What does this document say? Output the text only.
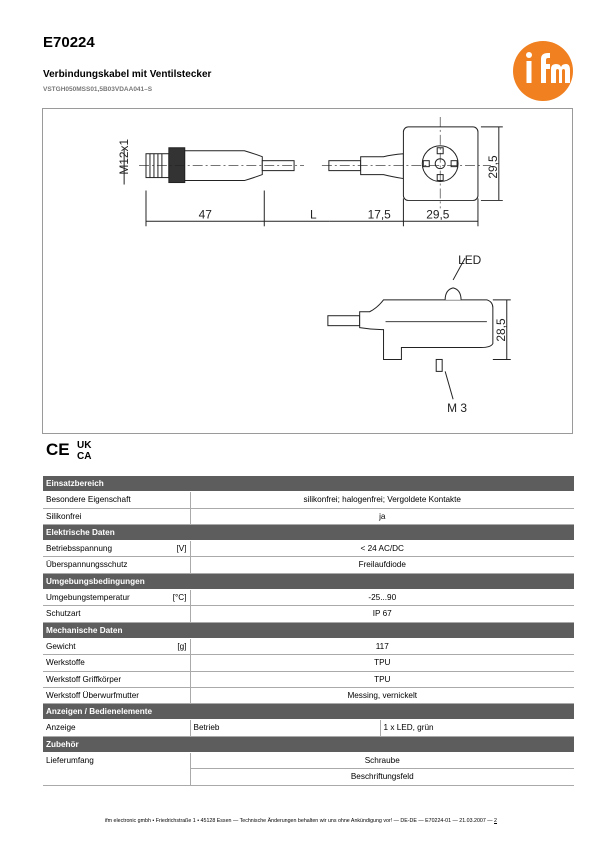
E70224
Verbindungskabel mit Ventilstecker
VSTGH050MSS01,5B03VDAA041–S
M12x1
47	L	17,5	29,5
29,5
LED
28,5
M 3
CE UK
CA
Einsatzbereich			
Besondere Eigenschaft		silikonfrei; halogenfrei; Vergoldete Kontakte	
Silikonfrei		ja	
Elektrische Daten			
Betriebsspannung	[V]	< 24 AC/DC	
Überspannungsschutz		Freilaufdiode	
Umgebungsbedingungen			
Umgebungstemperatur	[°C]	-25...90	
Schutzart		IP 67	
Mechanische Daten			
Gewicht	[g]	117	
Werkstoffe		TPU	
Werkstoff Griffkörper		TPU	
Werkstoff Überwurfmutter		Messing, vernickelt	
Anzeigen / Bedienelemente			
Anzeige		Betrieb	1 x LED, grün
Zubehör			
Lieferumfang		Schraube	
		Beschriftungsfeld	
ifm electronic gmbh • Friedrichstraße 1 • 45128 Essen — Technische Änderungen behalten wir uns ohne Ankündigung vor! — DE-DE — E70224-01 — 21.03.2007 — 2
